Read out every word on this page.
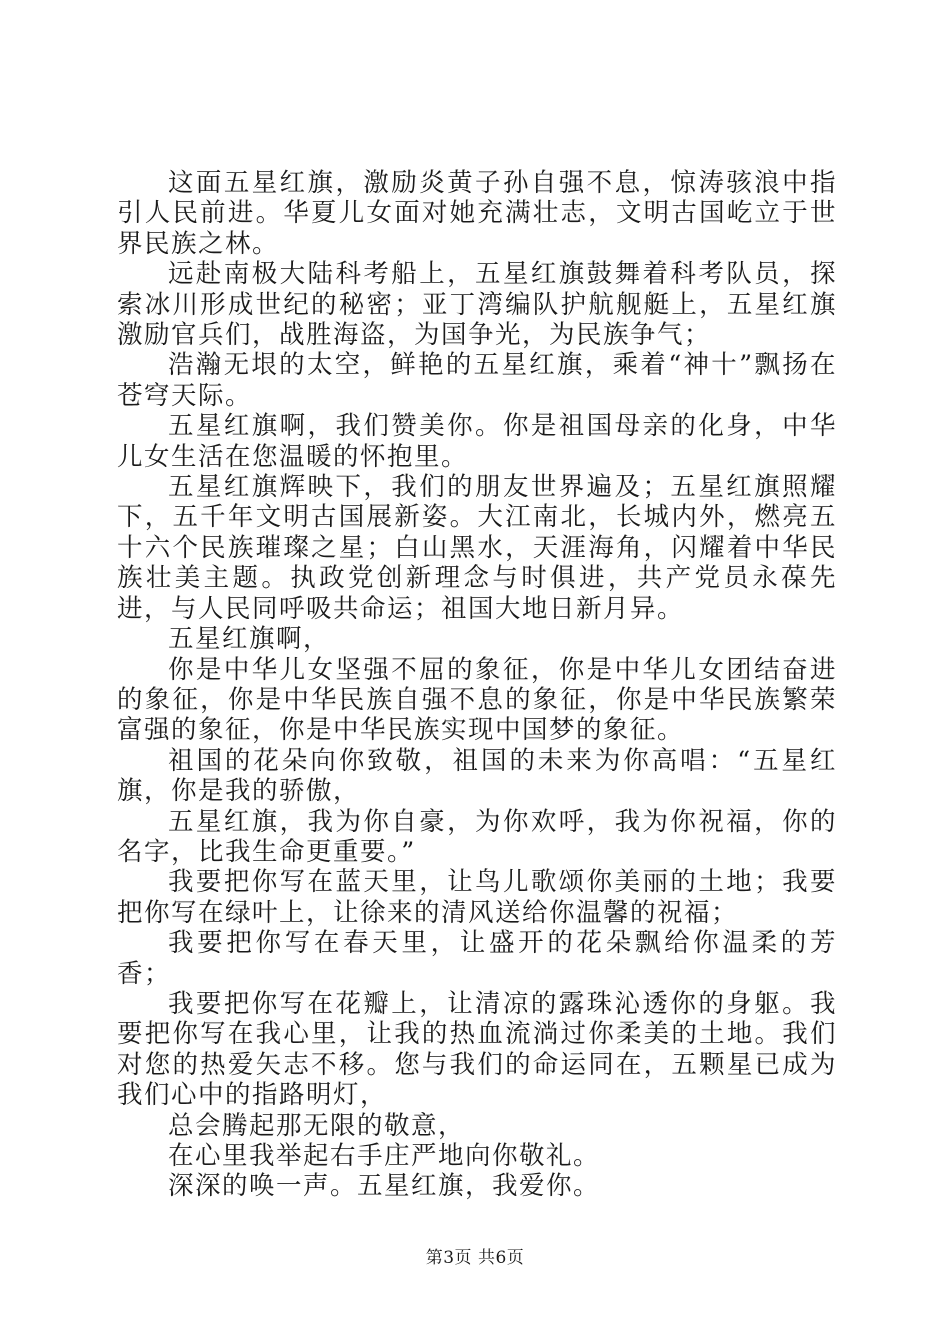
这面五星红旗，激励炎黄子孙自强不息，惊涛骇浪中指引人民前进。华夏儿女面对她充满壮志，文明古国屹立于世界民族之林。

远赴南极大陆科考船上，五星红旗鼓舞着科考队员，探索冰川形成世纪的秘密；亚丁湾编队护航舰艇上，五星红旗激励官兵们，战胜海盗，为国争光，为民族争气；

浩瀚无垠的太空，鲜艳的五星红旗，乘着“神十”飘扬在苍穹天际。

五星红旗啊，我们赞美你。你是祖国母亲的化身，中华儿女生活在您温暖的怀抱里。

五星红旗辉映下，我们的朋友世界遍及；五星红旗照耀下，五千年文明古国展新姿。大江南北，长城内外，燃亮五十六个民族璀璨之星；白山黑水，天涯海角，闪耀着中华民族壮美主题。执政党创新理念与时俱进，共产党员永葆先进，与人民同呼吸共命运；祖国大地日新月异。

五星红旗啊，

你是中华儿女坚强不屈的象征，你是中华儿女团结奋进的象征，你是中华民族自强不息的象征，你是中华民族繁荣富强的象征，你是中华民族实现中国梦的象征。

祖国的花朵向你致敬，祖国的未来为你高唱：“五星红旗，你是我的骄傲，

五星红旗，我为你自豪，为你欢呼，我为你祝福，你的名字，比我生命更重要。”

我要把你写在蓝天里，让鸟儿歌颂你美丽的土地；我要把你写在绿叶上，让徐来的清风送给你温馨的祝福；

我要把你写在春天里，让盛开的花朵飘给你温柔的芳香；

我要把你写在花瓣上，让清凉的露珠沁透你的身躯。我要把你写在我心里，让我的热血流淌过你柔美的土地。我们对您的热爱矢志不移。您与我们的命运同在，五颗星已成为我们心中的指路明灯，

总会腾起那无限的敬意，

在心里我举起右手庄严地向你敬礼。

深深的唤一声。五星红旗，我爱你。

第3页 共6页
